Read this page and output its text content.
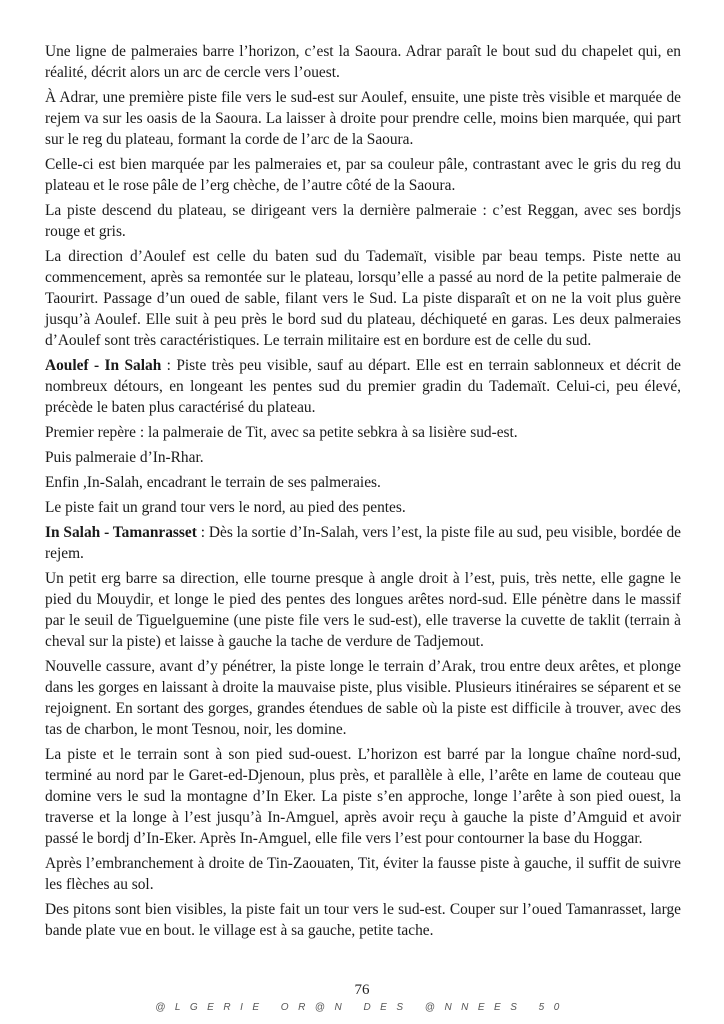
Une ligne de palmeraies barre l’horizon, c’est la Saoura. Adrar paraît le bout sud du chapelet qui, en réalité, décrit alors un arc de cercle vers l’ouest.

À Adrar, une première piste file vers le sud-est sur Aoulef, ensuite, une piste très visible et marquée de rejem va sur les oasis de la Saoura. La laisser à droite pour prendre celle, moins bien marquée, qui part sur le reg du plateau, formant la corde de l’arc de la Saoura.

Celle-ci est bien marquée par les palmeraies et, par sa couleur pâle, contrastant avec le gris du reg du plateau et le rose pâle de l’erg chèche, de l’autre côté de la Saoura.

La piste descend du plateau, se dirigeant vers la dernière palmeraie : c’est Reggan, avec ses bordjs rouge et gris.

La direction d’Aoulef est celle du baten sud du Tademaït, visible par beau temps. Piste nette au commencement, après sa remontée sur le plateau, lorsqu’elle a passé au nord de la petite palmeraie de Taourirt. Passage d’un oued de sable, filant vers le Sud. La piste disparaît et on ne la voit plus guère jusqu’à Aoulef. Elle suit à peu près le bord sud du plateau, déchiqueté en garas. Les deux palmeraies d’Aoulef sont très caractéristiques. Le terrain militaire est en bordure est de celle du sud.

Aoulef - In Salah : Piste très peu visible, sauf au départ. Elle est en terrain sablonneux et décrit de nombreux détours, en longeant les pentes sud du premier gradin du Tademaït. Celui-ci, peu élevé, précède le baten plus caractérisé du plateau.

Premier repère : la palmeraie de Tit, avec sa petite sebkra à sa lisière sud-est.

Puis palmeraie d’In-Rhar.

Enfin ,In-Salah, encadrant le terrain de ses palmeraies.

Le piste fait un grand tour vers le nord, au pied des pentes.

In Salah - Tamanrasset : Dès la sortie d’In-Salah, vers l’est, la piste file au sud, peu visible, bordée de rejem.

Un petit erg barre sa direction, elle tourne presque à angle droit à l’est, puis, très nette, elle gagne le pied du Mouydir, et longe le pied des pentes des longues arêtes nord-sud. Elle pénètre dans le massif par le seuil de Tiguelguemine (une piste file vers le sud-est), elle traverse la cuvette de taklit (terrain à cheval sur la piste) et laisse à gauche la tache de verdure de Tadjemout.

Nouvelle cassure, avant d’y pénétrer, la piste longe le terrain d’Arak, trou entre deux arêtes, et plonge dans les gorges en laissant à droite la mauvaise piste, plus visible. Plusieurs itinéraires se séparent et se rejoignent. En sortant des gorges, grandes étendues de sable où la piste est difficile à trouver, avec des tas de charbon, le mont Tesnou, noir, les domine.

La piste et le terrain sont à son pied sud-ouest. L’horizon est barré par la longue chaîne nord-sud, terminé au nord par le Garet-ed-Djenoun, plus près, et parallèle à elle, l’arête en lame de couteau que domine vers le sud la montagne d’In Eker. La piste s’en approche, longe l’arête à son pied ouest, la traverse et la longe à l’est jusqu’à In-Amguel, après avoir reçu à gauche la piste d’Amguid et avoir passé le bordj d’In-Eker. Après In-Amguel, elle file vers l’est pour contourner la base du Hoggar.

Après l’embranchement à droite de Tin-Zaouaten, Tit, éviter la fausse piste à gauche, il suffit de suivre les flèches au sol.

Des pitons sont bien visibles, la piste fait un tour vers le sud-est. Couper sur l’oued Tamanrasset, large bande plate vue en bout. le village est à sa gauche, petite tache.

76
@LGERIE OR@N DES @NNEES 50
